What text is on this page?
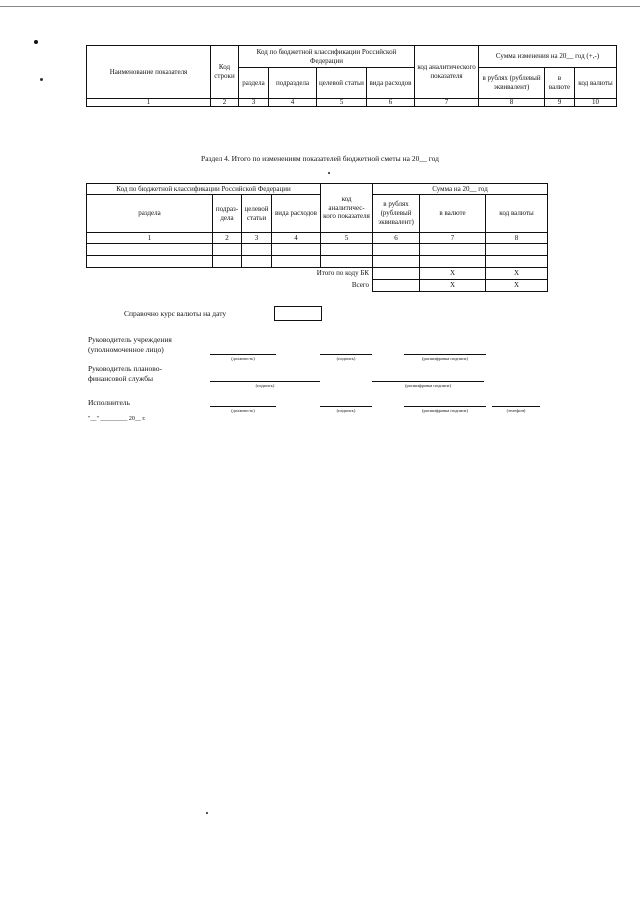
Наименование показателя	Код строки	Код по бюджетной классификации Российской Федерации				код аналитического показателя	Сумма изменения на 20__ год (+,-)		
		раздела	подраздела	целевой статьи	вида расходов		в рублях (рублевый эквивалент)	в валюте	код валюты
1	2	3	4	5	6	7	8	9	10
Раздел 4. Итого по изменениям показателей бюджетной сметы на 20__ год
Код по бюджетной классификации Российской Федерации				код аналитичес-кого показателя	Сумма на 20__ год		
раздела	подраз-дела	целевой статьи	вида расходов		в рублях (рублевый эквивалент)	в валюте	код валюты
1	2	3	4	5	6	7	8

Итого по коду БК						X	X
Всего						X	X
Справочно курс валюты на дату
Руководитель учреждения
(уполномоченное лицо)
(должность)	(подпись)	(расшифровка подписи)
Руководитель планово-
финансовой службы
(подпись)	(расшифровка подписи)
Исполнитель
(должность)	(подпись)	(расшифровка подписи)	(телефон)
"__" _________ 20__ г.
